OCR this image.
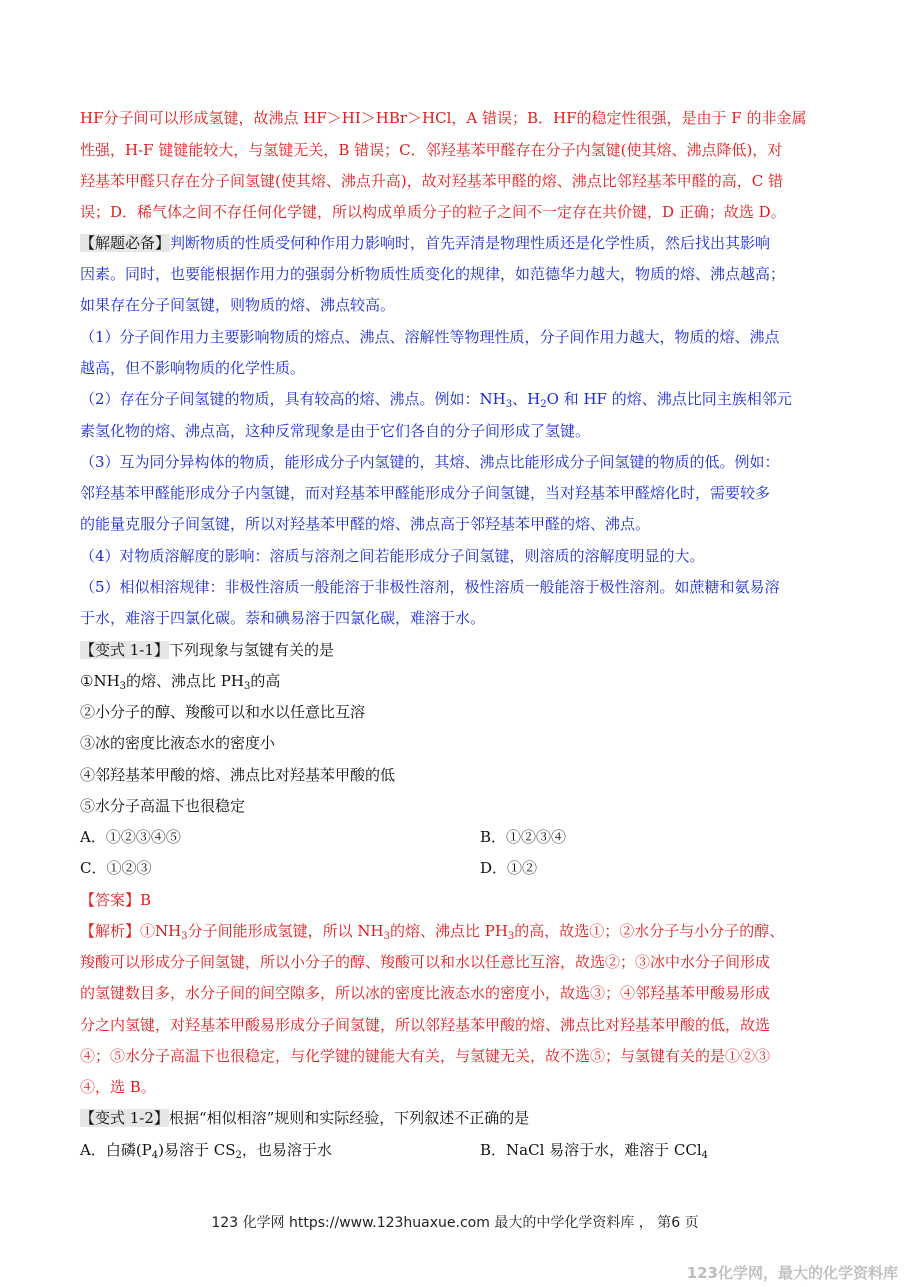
HF分子间可以形成氢键，故沸点 HF＞HI＞HBr＞HCl，A 错误；B．HF的稳定性很强，是由于 F 的非金属
性强，H-F 键键能较大，与氢键无关，B 错误；C．邻羟基苯甲醛存在分子内氢键(使其熔、沸点降低)，对
羟基苯甲醛只存在分子间氢键(使其熔、沸点升高)，故对羟基苯甲醛的熔、沸点比邻羟基苯甲醛的高，C 错
误；D．稀气体之间不存任何化学键，所以构成单质分子的粒子之间不一定存在共价键，D 正确；故选 D。
【解题必备】判断物质的性质受何种作用力影响时，首先弄清是物理性质还是化学性质，然后找出其影响
因素。同时，也要能根据作用力的强弱分析物质性质变化的规律，如范德华力越大，物质的熔、沸点越高；
如果存在分子间氢键，则物质的熔、沸点较高。
（1）分子间作用力主要影响物质的熔点、沸点、溶解性等物理性质，分子间作用力越大，物质的熔、沸点
越高，但不影响物质的化学性质。
（2）存在分子间氢键的物质，具有较高的熔、沸点。例如：$NH_3$、$H_2O$ 和 HF 的熔、沸点比同主族相邻元
素氢化物的熔、沸点高，这种反常现象是由于它们各自的分子间形成了氢键。
（3）互为同分异构体的物质，能形成分子内氢键的，其熔、沸点比能形成分子间氢键的物质的低。例如：
邻羟基苯甲醛能形成分子内氢键，而对羟基苯甲醛能形成分子间氢键，当对羟基苯甲醛熔化时，需要较多
的能量克服分子间氢键，所以对羟基苯甲醛的熔、沸点高于邻羟基苯甲醛的熔、沸点。
（4）对物质溶解度的影响：溶质与溶剂之间若能形成分子间氢键，则溶质的溶解度明显的大。
（5）相似相溶规律：非极性溶质一般能溶于非极性溶剂，极性溶质一般能溶于极性溶剂。如蔗糖和氨易溶
于水，难溶于四氯化碳。萘和碘易溶于四氯化碳，难溶于水。
【变式 1-1】下列现象与氢键有关的是
$①NH_3$的熔、沸点比 $PH_3$的高
②小分子的醇、羧酸可以和水以任意比互溶
③冰的密度比液态水的密度小
④邻羟基苯甲酸的熔、沸点比对羟基苯甲酸的低
⑤水分子高温下也很稳定
A．①②③④⑤	B．①②③④
C．①②③	D．①②
【答案】B
【解析】$①NH_3$分子间能形成氢键，所以 $NH_3$的熔、沸点比 $PH_3$的高，故选①；②水分子与小分子的醇、
羧酸可以形成分子间氢键，所以小分子的醇、羧酸可以和水以任意比互溶，故选②；③冰中水分子间形成
的氢键数目多，水分子间的间空隙多，所以冰的密度比液态水的密度小，故选③；④邻羟基苯甲酸易形成
分之内氢键，对羟基苯甲酸易形成分子间氢键，所以邻羟基苯甲酸的熔、沸点比对羟基苯甲酸的低，故选
④；⑤水分子高温下也很稳定，与化学键的键能大有关，与氢键无关，故不选⑤；与氢键有关的是①②③
④，选 B。
【变式 1-2】根据“相似相溶”规则和实际经验，下列叙述不正确的是
A．白磷$(P_4)$易溶于 $CS_2$，也易溶于水	B．NaCl 易溶于水，难溶于 CCl$_4$
123 化学网 https://www.123huaxue.com 最大的中学化学资料库 ， 第6 页
123化学网，最大的化学资料库
